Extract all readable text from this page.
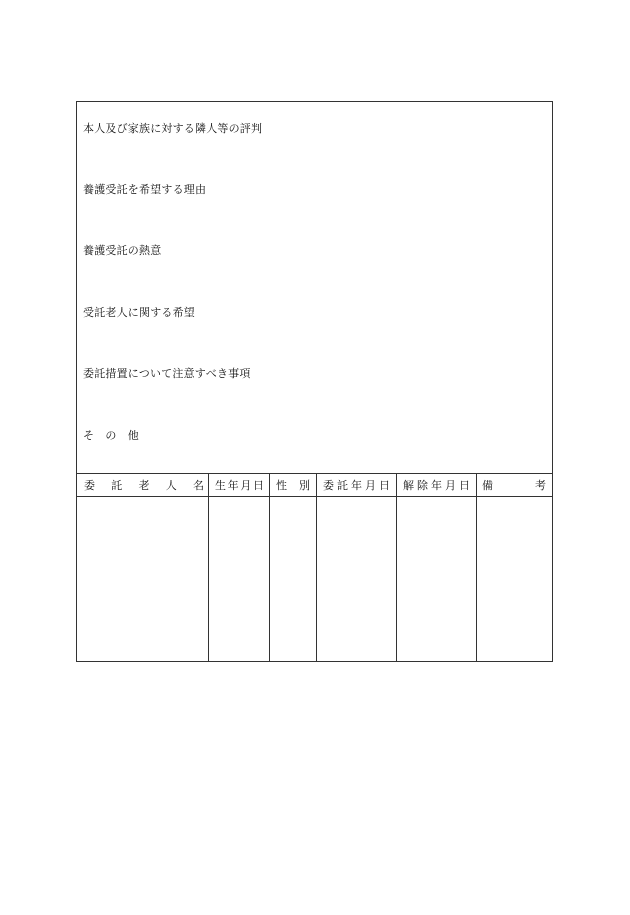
本人及び家族に対する隣人等の評判
養護受託を希望する理由
養護受託の熱意
受託老人に関する希望
委託措置について注意すべき事項
そ　の　他
委 託 老 人 名 生 年 月 日 性 別 委 託 年 月 日 解 除 年 月 日 備	考
